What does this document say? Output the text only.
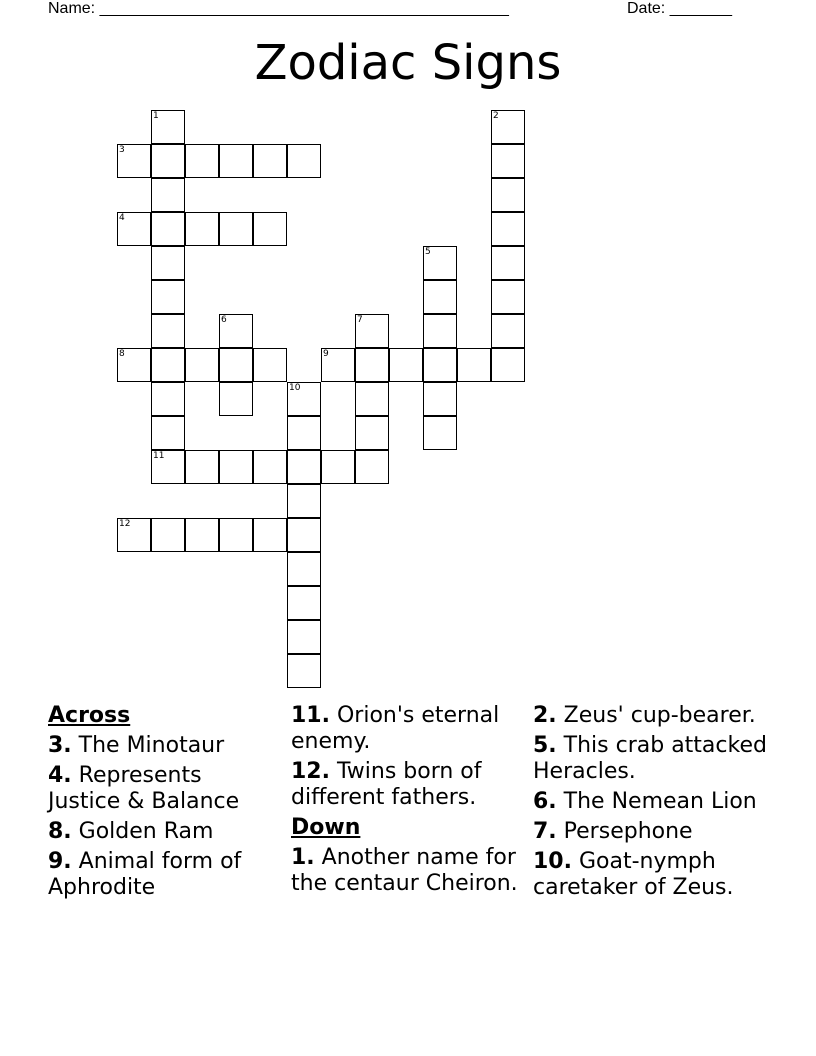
Name: ______________________________________________	Date: _______
Zodiac Signs
1
11
2
3
4
5
6	7
8	9
10
12
Across
3. The Minotaur
4. Represents Justice & Balance
8. Golden Ram
9. Animal form of Aphrodite
11. Orion's eternal enemy.
12. Twins born of different fathers.
Down
1. Another name for the centaur Cheiron.
2. Zeus' cup-bearer.
5. This crab attacked Heracles.
6. The Nemean Lion
7. Persephone
10. Goat-nymph caretaker of Zeus.
